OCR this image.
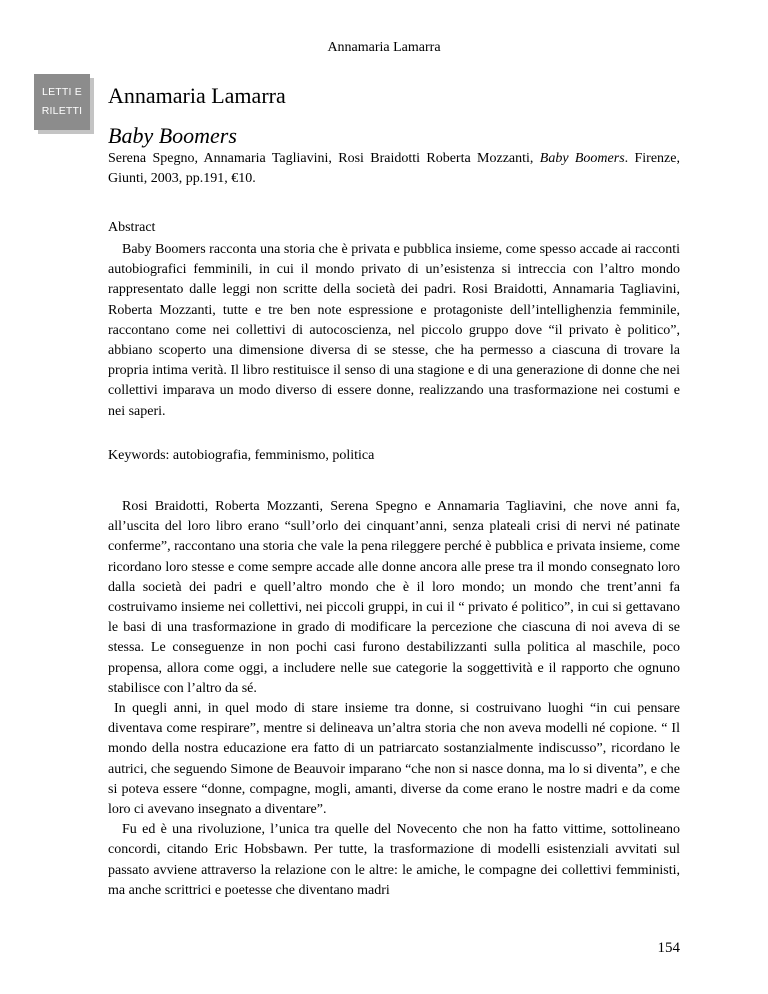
Annamaria Lamarra
LETTI E
RILETTI
Annamaria Lamarra
Baby Boomers
Serena Spegno, Annamaria Tagliavini, Rosi Braidotti Roberta Mozzanti, Baby Boomers. Firenze, Giunti, 2003, pp.191, €10.
Abstract
Baby Boomers racconta una storia che è privata e pubblica insieme, come spesso accade ai racconti autobiografici femminili, in cui il mondo privato di un’esistenza si intreccia con l’altro mondo rappresentato dalle leggi non scritte della società dei padri. Rosi Braidotti, Annamaria Tagliavini, Roberta Mozzanti, tutte e tre ben note espressione e protagoniste dell’intellighenzia femminile, raccontano come nei collettivi di autocoscienza, nel piccolo gruppo dove “il privato è politico”, abbiano scoperto una dimensione diversa di se stesse, che ha permesso a ciascuna di trovare la propria intima verità. Il libro restituisce il senso di una stagione e di una generazione di donne che nei collettivi imparava un modo diverso di essere donne, realizzando una trasformazione nei costumi e nei saperi.
Keywords: autobiografia, femminismo, politica

Rosi Braidotti, Roberta Mozzanti, Serena Spegno e Annamaria Tagliavini, che nove anni fa, all’uscita del loro libro erano “sull’orlo dei cinquant’anni, senza plateali crisi di nervi né patinate conferme”, raccontano una storia che vale la pena rileggere perché è pubblica e privata insieme, come ricordano loro stesse e come sempre accade alle donne ancora alle prese tra il mondo consegnato loro dalla società dei padri e quell’altro mondo che è il loro mondo; un mondo che trent’anni fa costruivamo insieme nei collettivi, nei piccoli gruppi, in cui il “ privato é politico”, in cui si gettavano le basi di una trasformazione in grado di modificare la percezione che ciascuna di noi aveva di se stessa. Le conseguenze in non pochi casi furono destabilizzanti sulla politica al maschile, poco propensa, allora come oggi, a includere nelle sue categorie la soggettività e il rapporto che ognuno stabilisce con l’altro da sé.

In quegli anni, in quel modo di stare insieme tra donne, si costruivano luoghi “in cui pensare diventava come respirare”, mentre si delineava un’altra storia che non aveva modelli né copione. “ Il mondo della nostra educazione era fatto di un patriarcato sostanzialmente indiscusso”, ricordano le autrici, che seguendo Simone de Beauvoir imparano “che non si nasce donna, ma lo si diventa”, e che si poteva essere “donne, compagne, mogli, amanti, diverse da come erano le nostre madri e da come loro ci avevano insegnato a diventare”.

Fu ed è una rivoluzione, l’unica tra quelle del Novecento che non ha fatto vittime, sottolineano concordi, citando Eric Hobsbawn. Per tutte, la trasformazione di modelli esistenziali avvitati sul passato avviene attraverso la relazione con le altre: le amiche, le compagne dei collettivi femministi, ma anche scrittrici e poetesse che diventano madri

154
